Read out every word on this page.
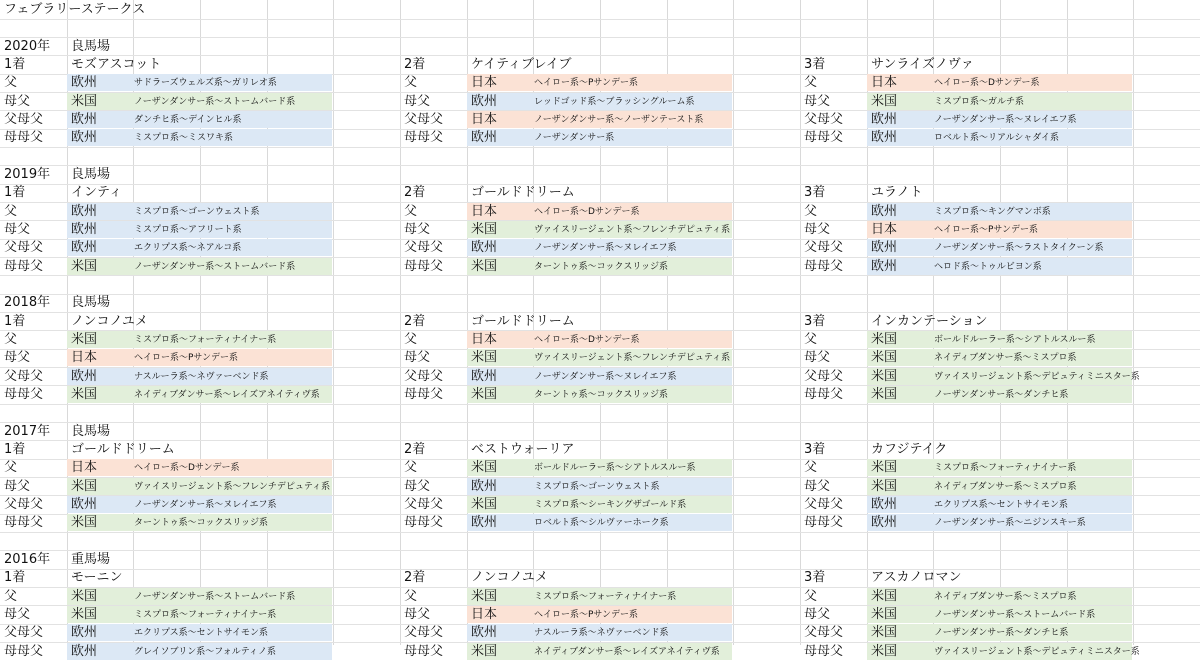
フェブラリーステークス
2020年 良馬場
1着	モズアスコット
父	欧州	サドラーズウェルズ系～ガリレオ系
母父	米国	ノーザンダンサー系～ストームバード系
父母父 欧州	ダンチヒ系～デインヒル系
母母父 欧州	ミスプロ系～ミスワキ系
2着	ケイティブレイブ
父	日本	ヘイロー系～Pサンデー系
母父	欧州	レッドゴッド系～ブラッシングルーム系
父母父 日本	ノーザンダンサー系～ノーザンテースト系
母母父 欧州	ノーザンダンサー系
3着	サンライズノヴァ
父	日本	ヘイロー系～Dサンデー系
母父	米国	ミスプロ系～ガルチ系
父母父 欧州	ノーザンダンサー系～ヌレイエフ系
母母父 欧州	ロベルト系～リアルシャダイ系
2019年 良馬場
1着	インティ
父	欧州	ミスプロ系～ゴーンウェスト系
母父	欧州	ミスプロ系～アフリート系
父母父 欧州	エクリプス系～ネアルコ系
母母父 米国	ノーザンダンサー系～ストームバード系
2着	ゴールドドリーム
父	日本	ヘイロー系～Dサンデー系
母父	米国	ヴァイスリージェント系～フレンチデピュティ系
父母父 欧州	ノーザンダンサー系～ヌレイエフ系
母母父 米国	ターントゥ系～コックスリッジ系
3着	ユラノト
父	欧州	ミスプロ系～キングマンボ系
母父	日本	ヘイロー系～Pサンデー系
父母父 欧州	ノーザンダンサー系～ラストタイクーン系
母母父 欧州	ヘロド系～トゥルビヨン系
2018年 良馬場
1着	ノンコノユメ
父	米国	ミスプロ系～フォーティナイナー系
母父	日本	ヘイロー系～Pサンデー系
父母父 欧州	ナスルーラ系～ネヴァーベンド系
母母父 米国	ネイディブダンサー系～レイズアネイティヴ系
2着	ゴールドドリーム
父	日本	ヘイロー系～Dサンデー系
母父	米国	ヴァイスリージェント系～フレンチデピュティ系
父母父 欧州	ノーザンダンサー系～ヌレイエフ系
母母父 米国	ターントゥ系～コックスリッジ系
3着	インカンテーション
父	米国	ボールドルーラー系～シアトルスルー系
母父	米国	ネイディブダンサー系～ミスプロ系
父母父 米国	ヴァイスリージェント系～デピュティミニスター系
母母父 米国	ノーザンダンサー系～ダンチヒ系
2017年 良馬場
1着	ゴールドドリーム
父	日本	ヘイロー系～Dサンデー系
母父	米国	ヴァイスリージェント系～フレンチデピュティ系
父母父 欧州	ノーザンダンサー系～ヌレイエフ系
母母父 米国	ターントゥ系～コックスリッジ系
2着	ベストウォーリア
父	米国	ボールドルーラー系～シアトルスルー系
母父	欧州	ミスプロ系～ゴーンウェスト系
父母父 米国	ミスプロ系～シーキングザゴールド系
母母父 欧州	ロベルト系～シルヴァーホーク系
3着	カフジテイク
父	米国	ミスプロ系～フォーティナイナー系
母父	米国	ネイディブダンサー系～ミスプロ系
父母父 欧州	エクリプス系～セントサイモン系
母母父 欧州	ノーザンダンサー系～ニジンスキー系
2016年 重馬場
1着	モーニン
父	米国	ノーザンダンサー系～ストームバード系
母父	米国	ミスプロ系～フォーティナイナー系
父母父 欧州	エクリプス系～セントサイモン系
母母父 欧州	グレイソブリン系～フォルティノ系
2着	ノンコノユメ
父	米国	ミスプロ系～フォーティナイナー系
母父	日本	ヘイロー系～Pサンデー系
父母父 欧州	ナスルーラ系～ネヴァーベンド系
母母父 米国	ネイディブダンサー系～レイズアネイティヴ系
3着	アスカノロマン
父	米国	ネイディブダンサー系～ミスプロ系
母父	米国	ノーザンダンサー系～ストームバード系
父母父 米国	ノーザンダンサー系～ダンチヒ系
母母父 米国	ヴァイスリージェント系～デピュティミニスター系
